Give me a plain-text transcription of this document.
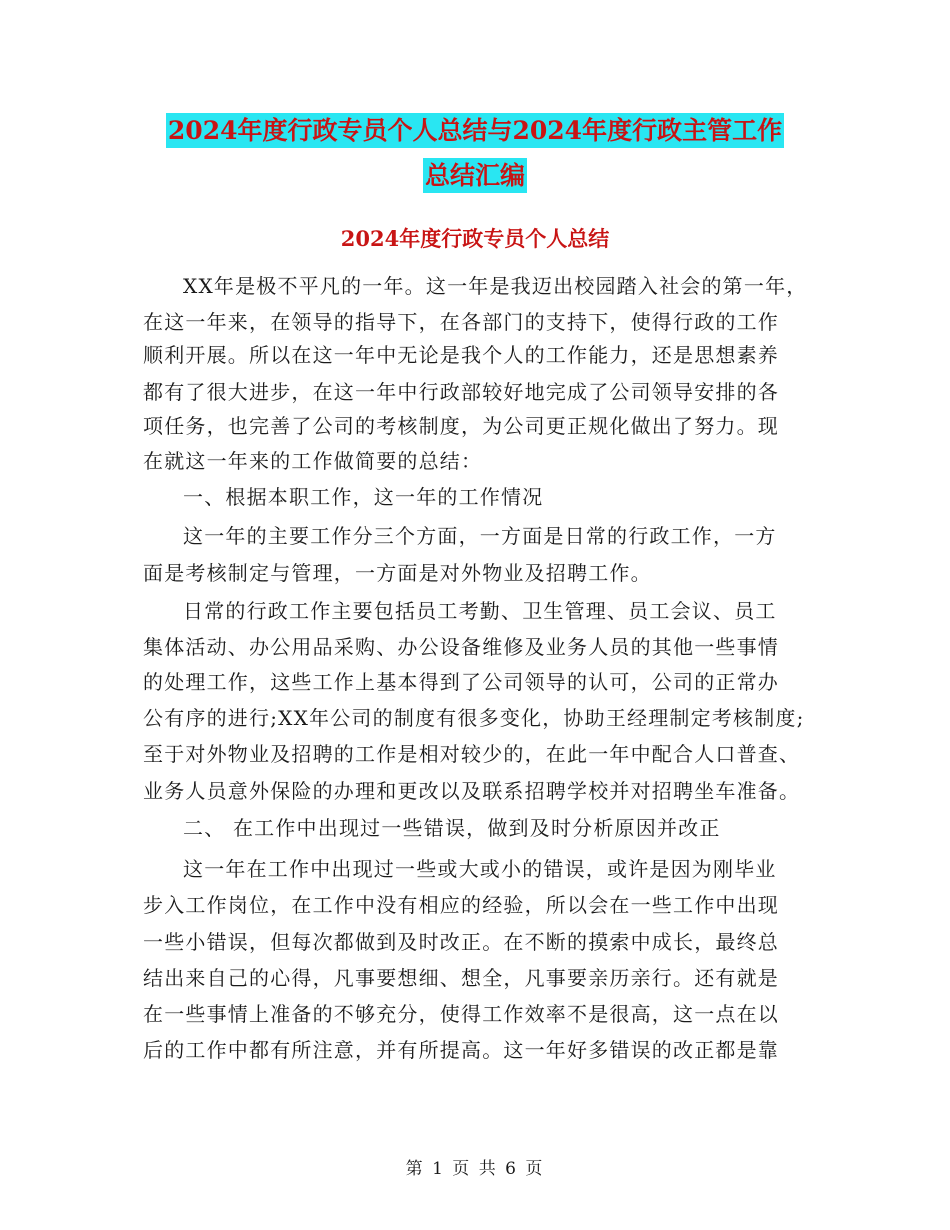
2024年度行政专员个人总结与2024年度行政主管工作
总结汇编
2024年度行政专员个人总结
XX年是极不平凡的一年。这一年是我迈出校园踏入社会的第一年，
在这一年来，在领导的指导下，在各部门的支持下，使得行政的工作
顺利开展。所以在这一年中无论是我个人的工作能力，还是思想素养
都有了很大进步，在这一年中行政部较好地完成了公司领导安排的各
项任务，也完善了公司的考核制度，为公司更正规化做出了努力。现
在就这一年来的工作做简要的总结：
一、根据本职工作，这一年的工作情况
这一年的主要工作分三个方面，一方面是日常的行政工作，一方
面是考核制定与管理，一方面是对外物业及招聘工作。
日常的行政工作主要包括员工考勤、卫生管理、员工会议、员工
集体活动、办公用品采购、办公设备维修及业务人员的其他一些事情
的处理工作，这些工作上基本得到了公司领导的认可，公司的正常办
公有序的进行;XX年公司的制度有很多变化，协助王经理制定考核制度;
至于对外物业及招聘的工作是相对较少的，在此一年中配合人口普查、
业务人员意外保险的办理和更改以及联系招聘学校并对招聘坐车准备。
二、 在工作中出现过一些错误，做到及时分析原因并改正
这一年在工作中出现过一些或大或小的错误，或许是因为刚毕业
步入工作岗位，在工作中没有相应的经验，所以会在一些工作中出现
一些小错误，但每次都做到及时改正。在不断的摸索中成长，最终总
结出来自己的心得，凡事要想细、想全，凡事要亲历亲行。还有就是
在一些事情上准备的不够充分，使得工作效率不是很高，这一点在以
后的工作中都有所注意，并有所提高。这一年好多错误的改正都是靠
第 1 页 共 6 页
